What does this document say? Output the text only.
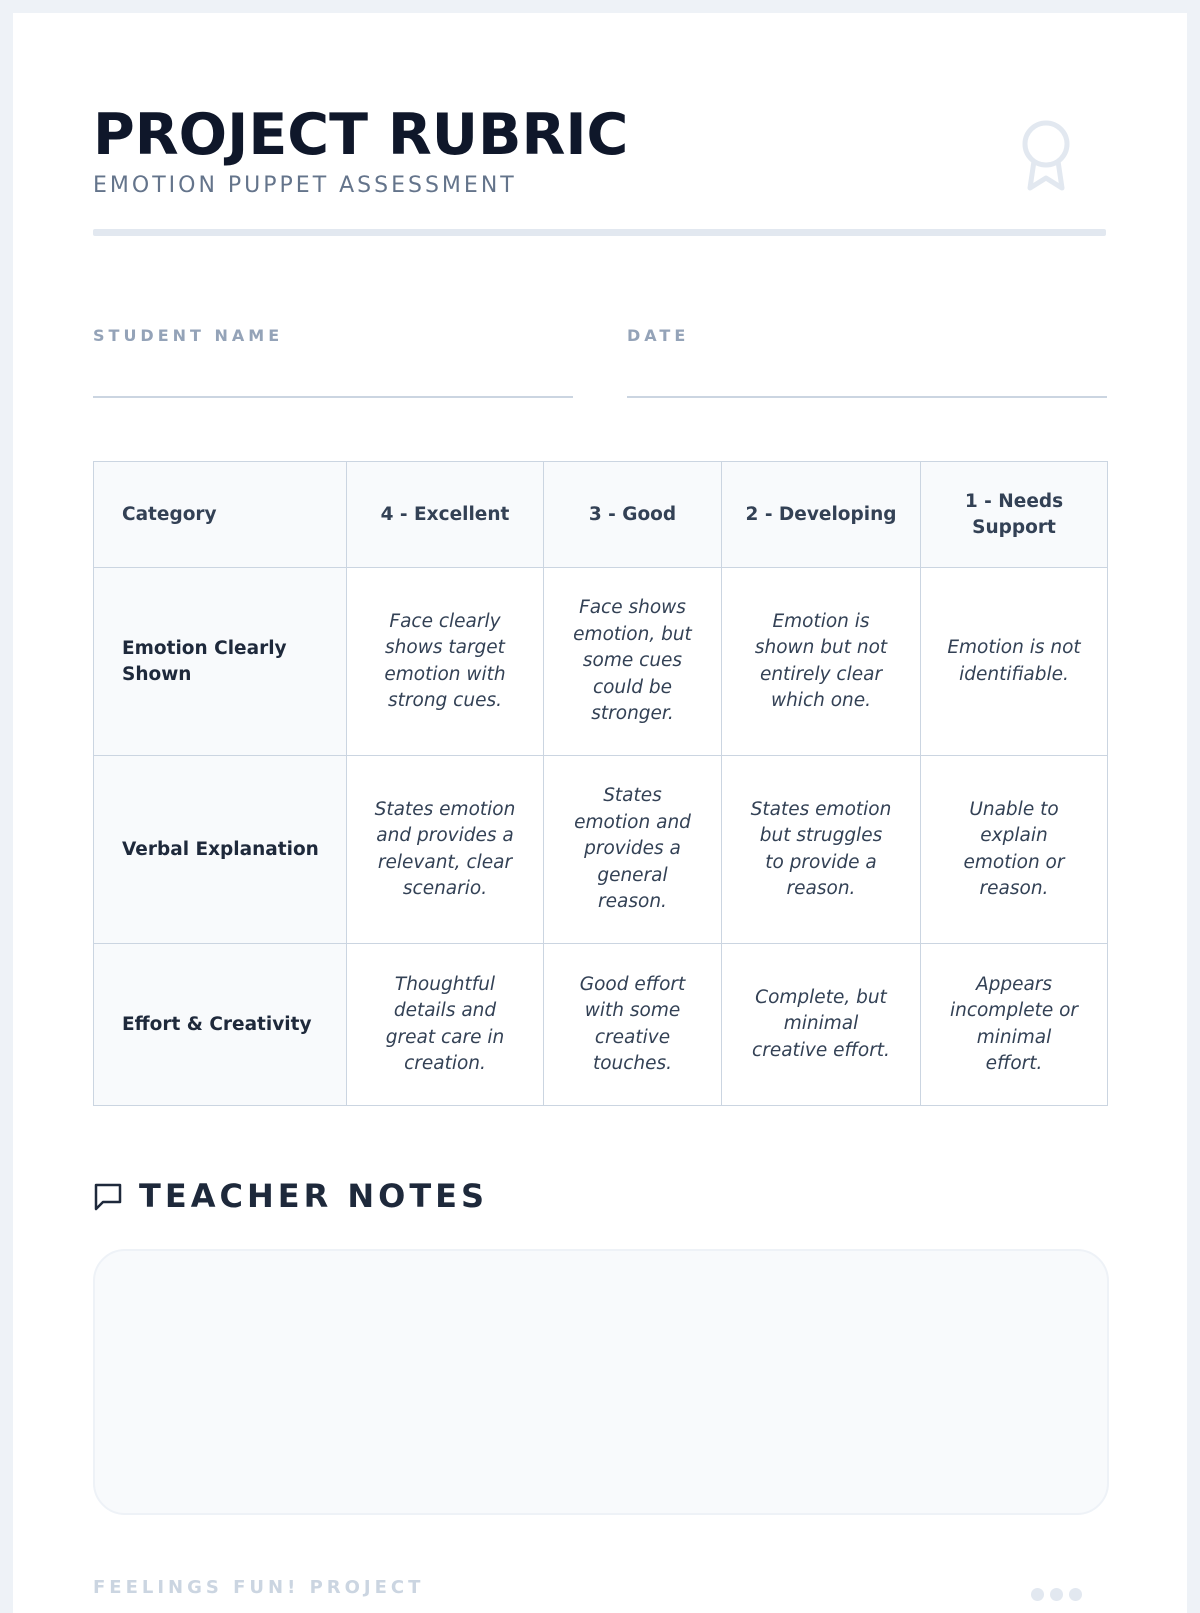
PROJECT RUBRIC
EMOTION PUPPET ASSESSMENT
STUDENT NAME	DATE
Category	4 - Excellent	3 - Good	2 - Developing	1 - Needs Support
Emotion Clearly Shown	Face clearly shows target emotion with strong cues.	Face shows emotion, but some cues could be stronger.	Emotion is shown but not entirely clear which one.	Emotion is not identifiable.
Verbal Explanation	States emotion and provides a relevant, clear scenario.	States emotion and provides a general reason.	States emotion but struggles to provide a reason.	Unable to explain emotion or reason.
Effort & Creativity	Thoughtful details and great care in creation.	Good effort with some creative touches.	Complete, but minimal creative effort.	Appears incomplete or minimal effort.
TEACHER NOTES
FEELINGS FUN! PROJECT
